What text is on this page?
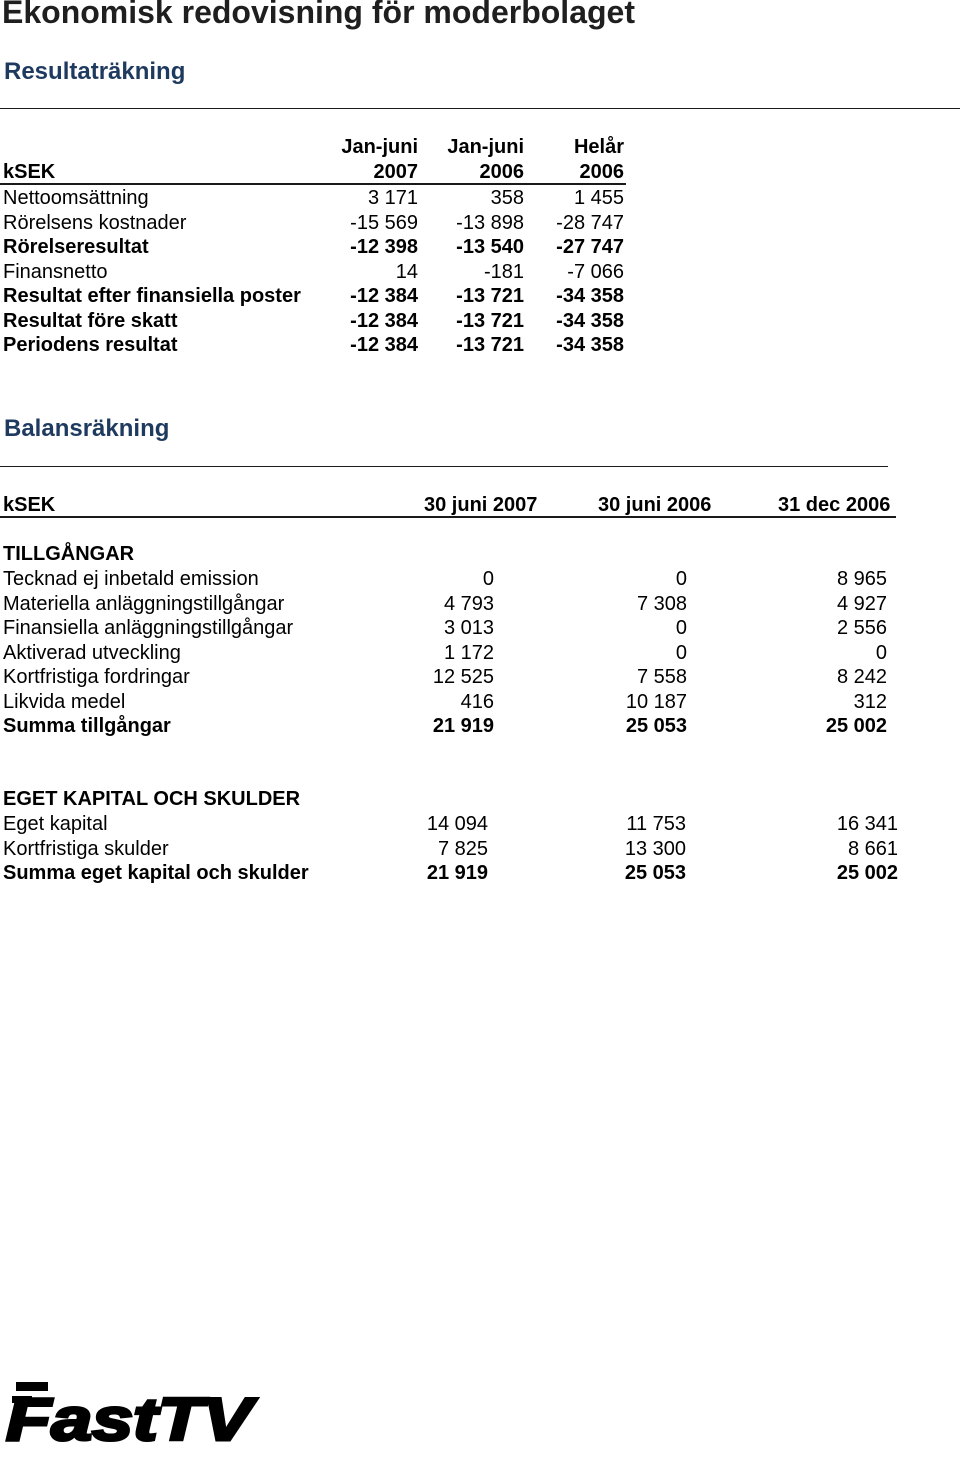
Ekonomisk redovisning för moderbolaget
Resultaträkning
Jan-juni	Jan-juni	Helår
kSEK	2007	2006	2006
Nettoomsättning	3 171	358	1 455
Rörelsens kostnader	-15 569	-13 898	-28 747
Rörelseresultat	-12 398	-13 540	-27 747
Finansnetto	14	-181	-7 066
Resultat efter finansiella poster	-12 384	-13 721	-34 358
Resultat före skatt	-12 384	-13 721	-34 358
Periodens resultat	-12 384	-13 721	-34 358
Balansräkning
kSEK	30 juni 2007	30 juni 2006	31 dec 2006
TILLGÅNGAR
Tecknad ej inbetald emission	0	0	8 965
Materiella anläggningstillgångar	4 793	7 308	4 927
Finansiella anläggningstillgångar	3 013	0	2 556
Aktiverad utveckling	1 172	0	0
Kortfristiga fordringar	12 525	7 558	8 242
Likvida medel	416	10 187	312
Summa tillgångar	21 919	25 053	25 002
EGET KAPITAL OCH SKULDER
Eget kapital	14 094	11 753	16 341
Kortfristiga skulder	7 825	13 300	8 661
Summa eget kapital och skulder	21 919	25 053	25 002
FastTV
